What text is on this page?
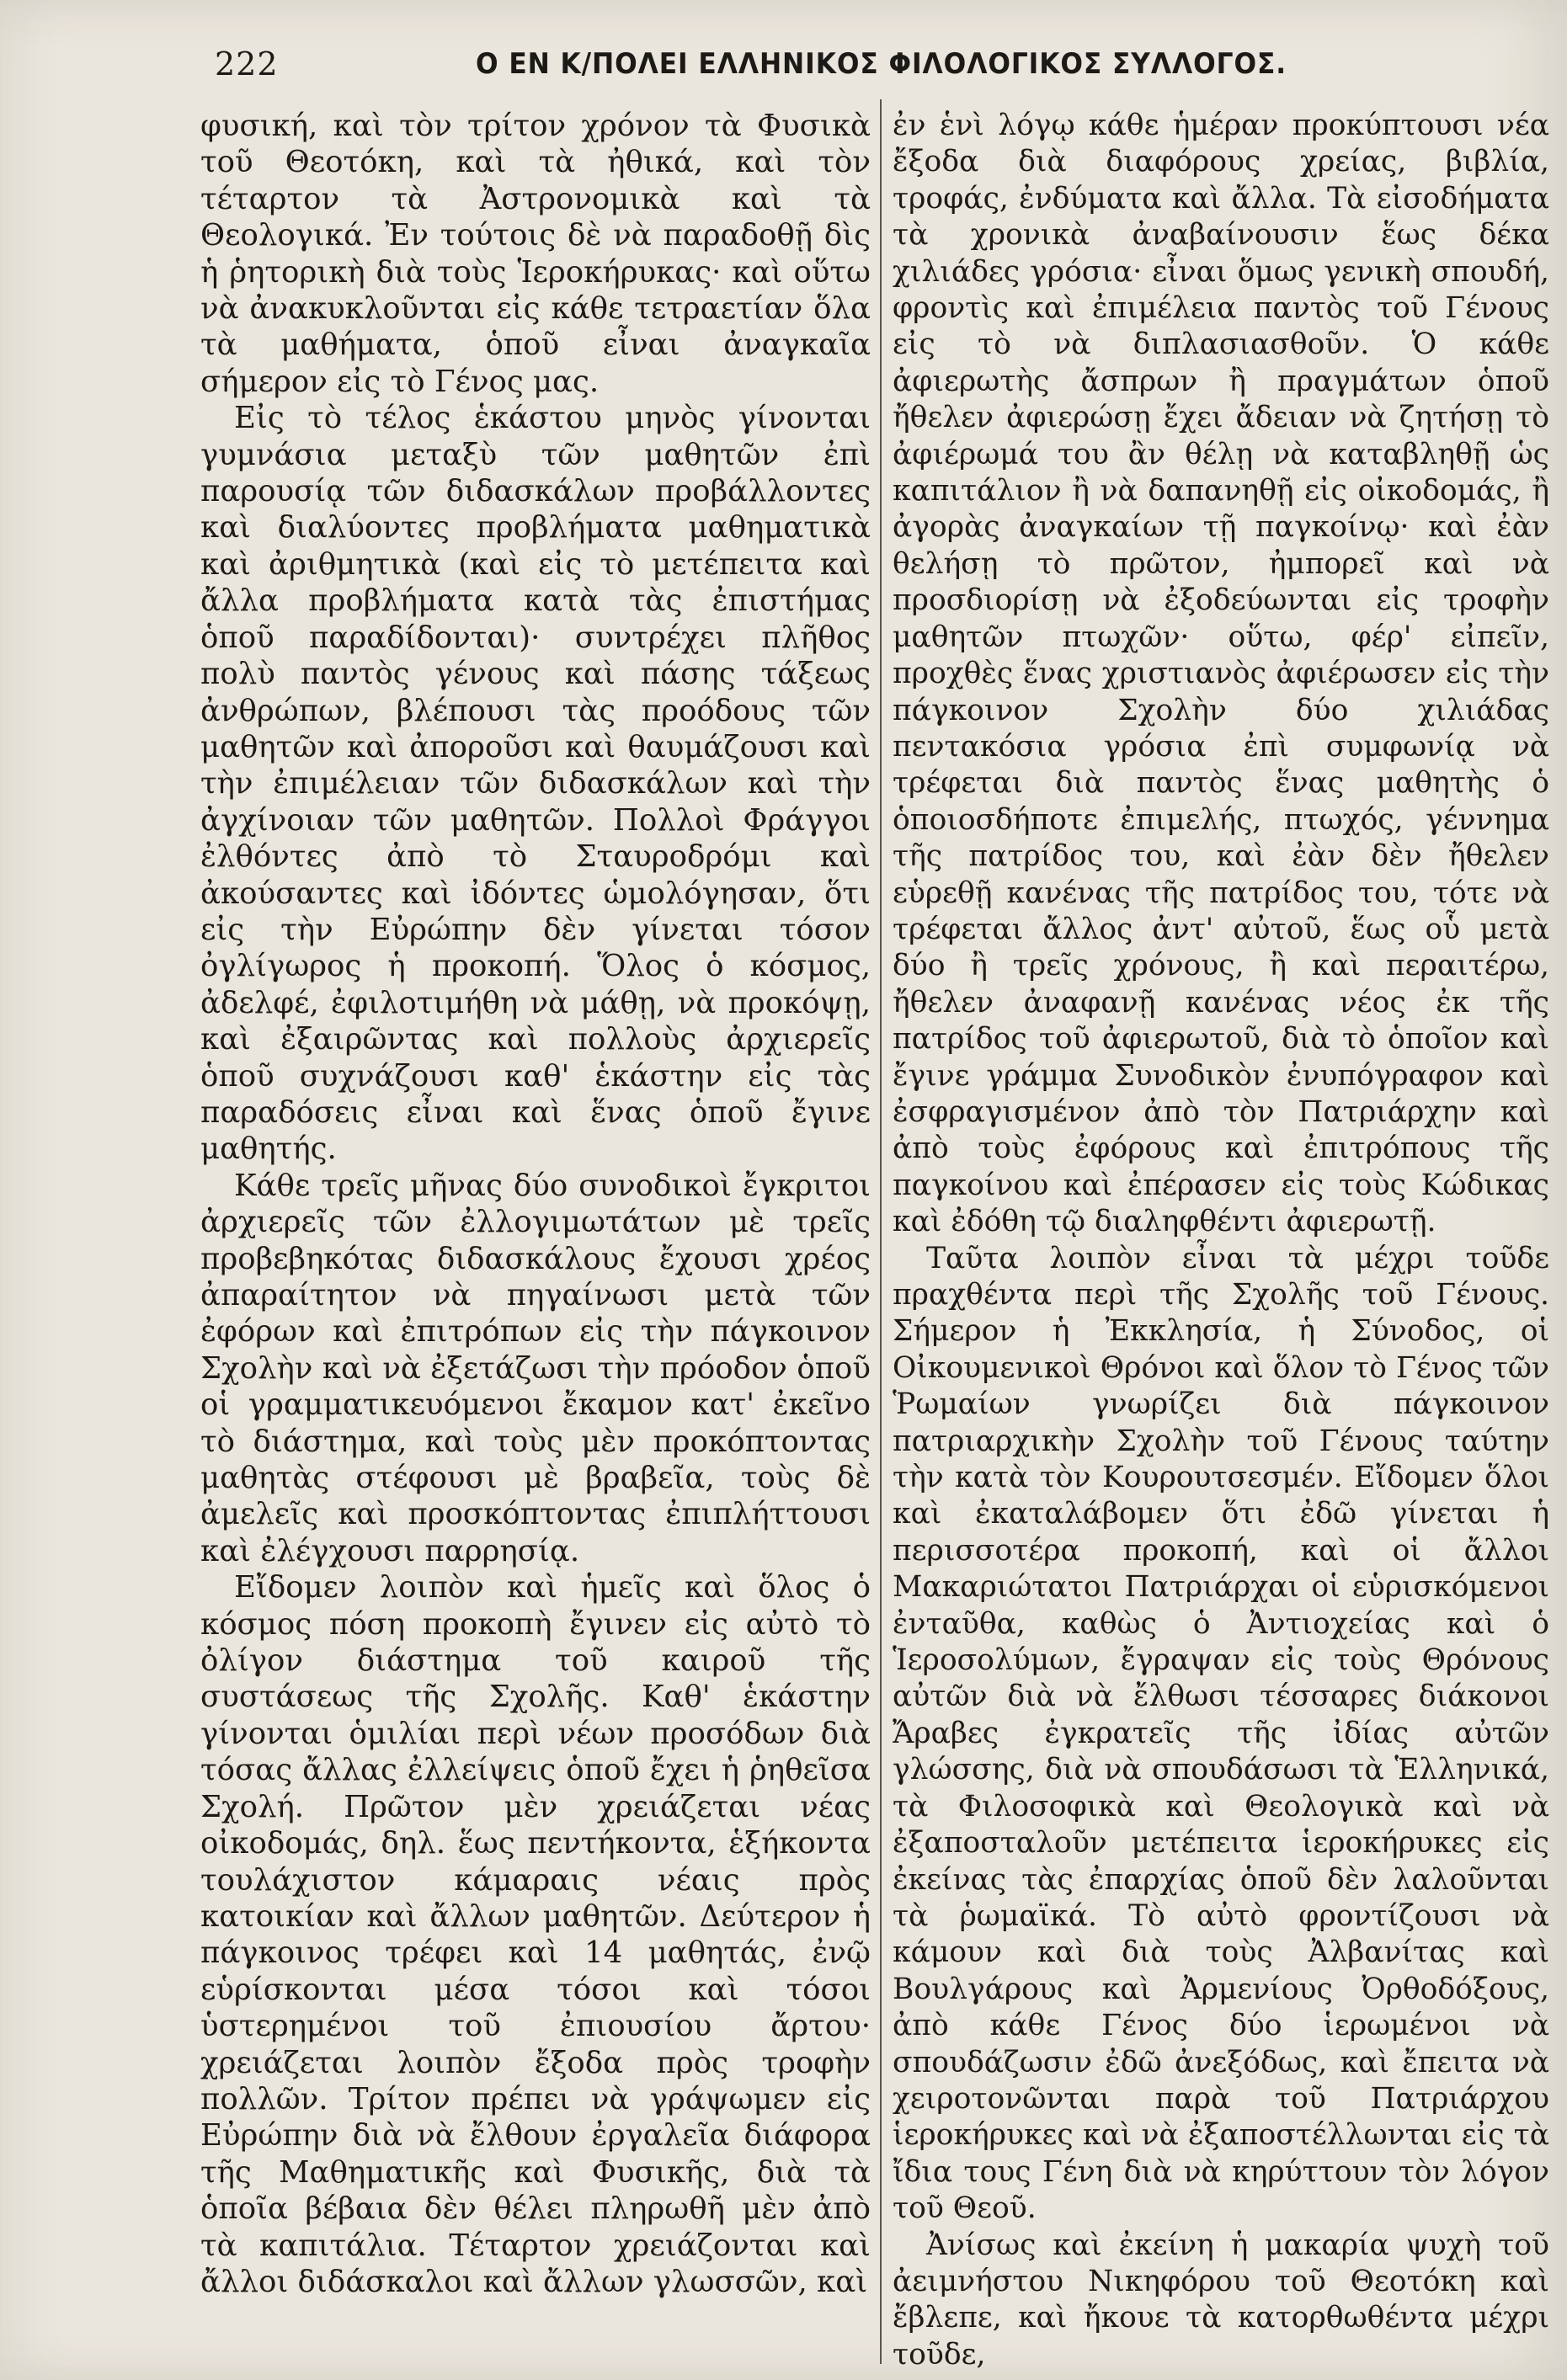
222	Ο ΕΝ Κ/ΠΟΛΕΙ ΕΛΛΗΝΙΚΟΣ ΦΙΛΟΛΟΓΙΚΟΣ ΣΥΛΛΟΓΟΣ.

φυσική, καὶ τὸν τρίτον χρόνον τὰ Φυσικὰ τοῦ Θεοτόκη, καὶ τὰ ἠθικά, καὶ τὸν τέταρτον τὰ Ἀστρονομικὰ καὶ τὰ Θεολογικά. Ἐν τούτοις δὲ νὰ παραδοθῇ δὶς ἡ ῥητορικὴ διὰ τοὺς Ἱεροκήρυκας· καὶ οὕτω νὰ ἀνακυκλοῦνται εἰς κάθε τετραετίαν ὅλα τὰ μαθήματα, ὁποῦ εἶναι ἀναγκαῖα σήμερον εἰς τὸ Γένος μας.

Εἰς τὸ τέλος ἑκάστου μηνὸς γίνονται γυμνάσια μεταξὺ τῶν μαθητῶν ἐπὶ παρουσίᾳ τῶν διδασκάλων προβάλλοντες καὶ διαλύοντες προβλήματα μαθηματικὰ καὶ ἀριθμητικὰ (καὶ εἰς τὸ μετέπειτα καὶ ἄλλα προβλήματα κατὰ τὰς ἐπιστήμας ὁποῦ παραδίδονται)· συντρέχει πλῆθος πολὺ παντὸς γένους καὶ πάσης τάξεως ἀνθρώπων, βλέπουσι τὰς προόδους τῶν μαθητῶν καὶ ἀποροῦσι καὶ θαυμάζουσι καὶ τὴν ἐπιμέλειαν τῶν διδασκάλων καὶ τὴν ἀγχίνοιαν τῶν μαθητῶν. Πολλοὶ Φράγγοι ἐλθόντες ἀπὸ τὸ Σταυροδρόμι καὶ ἀκούσαντες καὶ ἰδόντες ὡμολόγησαν, ὅτι εἰς τὴν Εὐρώπην δὲν γίνεται τόσον ὀγλίγωρος ἡ προκοπή. Ὅλος ὁ κόσμος, ἀδελφέ, ἐφιλοτιμήθη νὰ μάθῃ, νὰ προκόψῃ, καὶ ἐξαιρῶντας καὶ πολλοὺς ἀρχιερεῖς ὁποῦ συχνάζουσι καθ' ἑκάστην εἰς τὰς παραδόσεις εἶναι καὶ ἕνας ὁποῦ ἔγινε μαθητής.

Κάθε τρεῖς μῆνας δύο συνοδικοὶ ἔγκριτοι ἀρχιερεῖς τῶν ἐλλογιμωτάτων μὲ τρεῖς προβεβηκότας διδασκάλους ἔχουσι χρέος ἀπαραίτητον νὰ πηγαίνωσι μετὰ τῶν ἐφόρων καὶ ἐπιτρόπων εἰς τὴν πάγκοινον Σχολὴν καὶ νὰ ἐξετάζωσι τὴν πρόοδον ὁποῦ οἱ γραμματικευόμενοι ἔκαμον κατ' ἐκεῖνο τὸ διάστημα, καὶ τοὺς μὲν προκόπτοντας μαθητὰς στέφουσι μὲ βραβεῖα, τοὺς δὲ ἀμελεῖς καὶ προσκόπτοντας ἐπιπλήττουσι καὶ ἐλέγχουσι παρρησίᾳ.

Εἴδομεν λοιπὸν καὶ ἡμεῖς καὶ ὅλος ὁ κόσμος πόση προκοπὴ ἔγινεν εἰς αὐτὸ τὸ ὀλίγον διάστημα τοῦ καιροῦ τῆς συστάσεως τῆς Σχολῆς. Καθ' ἑκάστην γίνονται ὁμιλίαι περὶ νέων προσόδων διὰ τόσας ἄλλας ἐλλείψεις ὁποῦ ἔχει ἡ ῥηθεῖσα Σχολή. Πρῶτον μὲν χρειάζεται νέας οἰκοδομάς, δηλ. ἕως πεντήκοντα, ἑξήκοντα τουλάχιστον κάμαραις νέαις πρὸς κατοικίαν καὶ ἄλλων μαθητῶν. Δεύτερον ἡ πάγκοινος τρέφει καὶ 14 μαθητάς, ἐνῷ εὑρίσκονται μέσα τόσοι καὶ τόσοι ὑστερημένοι τοῦ ἐπιουσίου ἄρτου· χρειάζεται λοιπὸν ἔξοδα πρὸς τροφὴν πολλῶν. Τρίτον πρέπει νὰ γράψωμεν εἰς Εὐρώπην διὰ νὰ ἔλθουν ἐργαλεῖα διάφορα τῆς Μαθηματικῆς καὶ Φυσικῆς, διὰ τὰ ὁποῖα βέβαια δὲν θέλει πληρωθῆ μὲν ἀπὸ τὰ καπιτάλια. Τέταρτον χρειάζονται καὶ ἄλλοι διδάσκαλοι καὶ ἄλλων γλωσσῶν, καὶ

ἐν ἑνὶ λόγῳ κάθε ἡμέραν προκύπτουσι νέα ἔξοδα διὰ διαφόρους χρείας, βιβλία, τροφάς, ἐνδύματα καὶ ἄλλα. Τὰ εἰσοδήματα τὰ χρονικὰ ἀναβαίνουσιν ἕως δέκα χιλιάδες γρόσια· εἶναι ὅμως γενικὴ σπουδή, φροντὶς καὶ ἐπιμέλεια παντὸς τοῦ Γένους εἰς τὸ νὰ διπλασιασθοῦν. Ὁ κάθε ἀφιερωτὴς ἄσπρων ἢ πραγμάτων ὁποῦ ἤθελεν ἀφιερώσῃ ἔχει ἄδειαν νὰ ζητήσῃ τὸ ἀφιέρωμά του ἂν θέλῃ νὰ καταβληθῇ ὡς καπιτάλιον ἢ νὰ δαπανηθῇ εἰς οἰκοδομάς, ἢ ἀγορὰς ἀναγκαίων τῇ παγκοίνῳ· καὶ ἐὰν θελήσῃ τὸ πρῶτον, ἠμπορεῖ καὶ νὰ προσδιορίσῃ νὰ ἐξοδεύωνται εἰς τροφὴν μαθητῶν πτωχῶν· οὕτω, φέρ' εἰπεῖν, προχθὲς ἕνας χριστιανὸς ἀφιέρωσεν εἰς τὴν πάγκοινον Σχολὴν δύο χιλιάδας πεντακόσια γρόσια ἐπὶ συμφωνίᾳ νὰ τρέφεται διὰ παντὸς ἕνας μαθητὴς ὁ ὁποιοσδήποτε ἐπιμελής, πτωχός, γέννημα τῆς πατρίδος του, καὶ ἐὰν δὲν ἤθελεν εὑρεθῇ κανένας τῆς πατρίδος του, τότε νὰ τρέφεται ἄλλος ἀντ' αὐτοῦ, ἕως οὗ μετὰ δύο ἢ τρεῖς χρόνους, ἢ καὶ περαιτέρω, ἤθελεν ἀναφανῇ κανένας νέος ἐκ τῆς πατρίδος τοῦ ἀφιερωτοῦ, διὰ τὸ ὁποῖον καὶ ἔγινε γράμμα Συνοδικὸν ἐνυπόγραφον καὶ ἐσφραγισμένον ἀπὸ τὸν Πατριάρχην καὶ ἀπὸ τοὺς ἐφόρους καὶ ἐπιτρόπους τῆς παγκοίνου καὶ ἐπέρασεν εἰς τοὺς Κώδικας καὶ ἐδόθη τῷ διαληφθέντι ἀφιερωτῇ.

Ταῦτα λοιπὸν εἶναι τὰ μέχρι τοῦδε πραχθέντα περὶ τῆς Σχολῆς τοῦ Γένους. Σήμερον ἡ Ἐκκλησία, ἡ Σύνοδος, οἱ Οἰκουμενικοὶ Θρόνοι καὶ ὅλον τὸ Γένος τῶν Ῥωμαίων γνωρίζει διὰ πάγκοινον πατριαρχικὴν Σχολὴν τοῦ Γένους ταύτην τὴν κατὰ τὸν Κουρουτσεσμέν. Εἴδομεν ὅλοι καὶ ἐκαταλάβομεν ὅτι ἐδῶ γίνεται ἡ περισσοτέρα προκοπή, καὶ οἱ ἄλλοι Μακαριώτατοι Πατριάρχαι οἱ εὑρισκόμενοι ἐνταῦθα, καθὼς ὁ Ἀντιοχείας καὶ ὁ Ἱεροσολύμων, ἔγραψαν εἰς τοὺς Θρόνους αὐτῶν διὰ νὰ ἔλθωσι τέσσαρες διάκονοι Ἄραβες ἐγκρατεῖς τῆς ἰδίας αὐτῶν γλώσσης, διὰ νὰ σπουδάσωσι τὰ Ἑλληνικά, τὰ Φιλοσοφικὰ καὶ Θεολογικὰ καὶ νὰ ἐξαποσταλοῦν μετέπειτα ἱεροκήρυκες εἰς ἐκείνας τὰς ἐπαρχίας ὁποῦ δὲν λαλοῦνται τὰ ῥωμαϊκά. Τὸ αὐτὸ φροντίζουσι νὰ κάμουν καὶ διὰ τοὺς Ἀλβανίτας καὶ Βουλγάρους καὶ Ἀρμενίους Ὀρθοδόξους, ἀπὸ κάθε Γένος δύο ἱερωμένοι νὰ σπουδάζωσιν ἐδῶ ἀνεξόδως, καὶ ἔπειτα νὰ χειροτονῶνται παρὰ τοῦ Πατριάρχου ἱεροκήρυκες καὶ νὰ ἐξαποστέλλωνται εἰς τὰ ἴδια τους Γένη διὰ νὰ κηρύττουν τὸν λόγον τοῦ Θεοῦ.

Ἀνίσως καὶ ἐκείνη ἡ μακαρία ψυχὴ τοῦ ἀειμνήστου Νικηφόρου τοῦ Θεοτόκη καὶ ἔβλεπε, καὶ ἤκουε τὰ κατορθωθέντα μέχρι τοῦδε,
